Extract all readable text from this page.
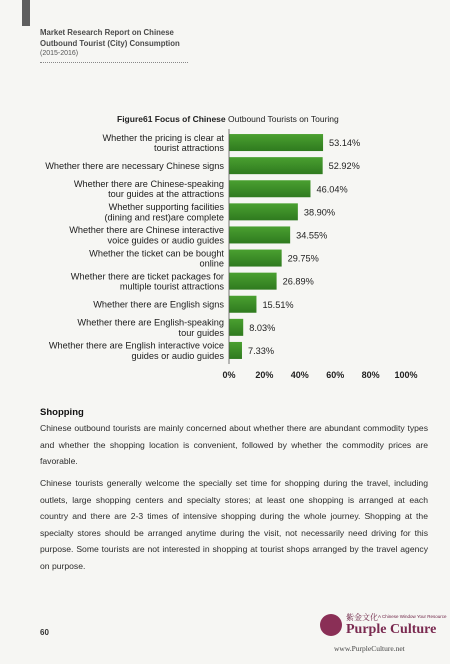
Market Research Report on Chinese
Outbound Tourist (City) Consumption
(2015-2016)
Figure61 Focus of Chinese Outbound Tourists on Touring
53.14%
Whether the pricing is clear at
tourist attractions
52.92%
Whether there are necessary Chinese signs
46.04%
Whether there are Chinese-speaking
tour guides at the attractions
38.90%
Whether supporting facilities
(dining and rest)are complete
34.55%
Whether there are Chinese interactive
voice guides or audio guides
29.75%
Whether the ticket can be bought
online
26.89%
Whether there are ticket packages for
multiple tourist attractions
15.51%
Whether there are English signs
8.03%
Whether there are English-speaking
tour guides
7.33%
Whether there are English interactive voice
guides or audio guides
0% 20% 40% 60% 80% 100%
Shopping
Chinese outbound tourists are mainly concerned about whether there are abundant commodity types and whether the shopping location is convenient, followed by whether the commodity prices are favorable.
Chinese tourists generally welcome the specially set time for shopping during the travel, including outlets, large shopping centers and specialty stores; at least one shopping is arranged at each country and there are 2-3 times of intensive shopping during the whole journey. Shopping at the specialty stores should be arranged anytime during the visit, not necessarily need driving for this purpose. Some tourists are not interested in shopping at tourist shops arranged by the travel agency on purpose.
60
紫金文化 A Chinese Window Your Resource
Purple Culture
www.PurpleCulture.net
